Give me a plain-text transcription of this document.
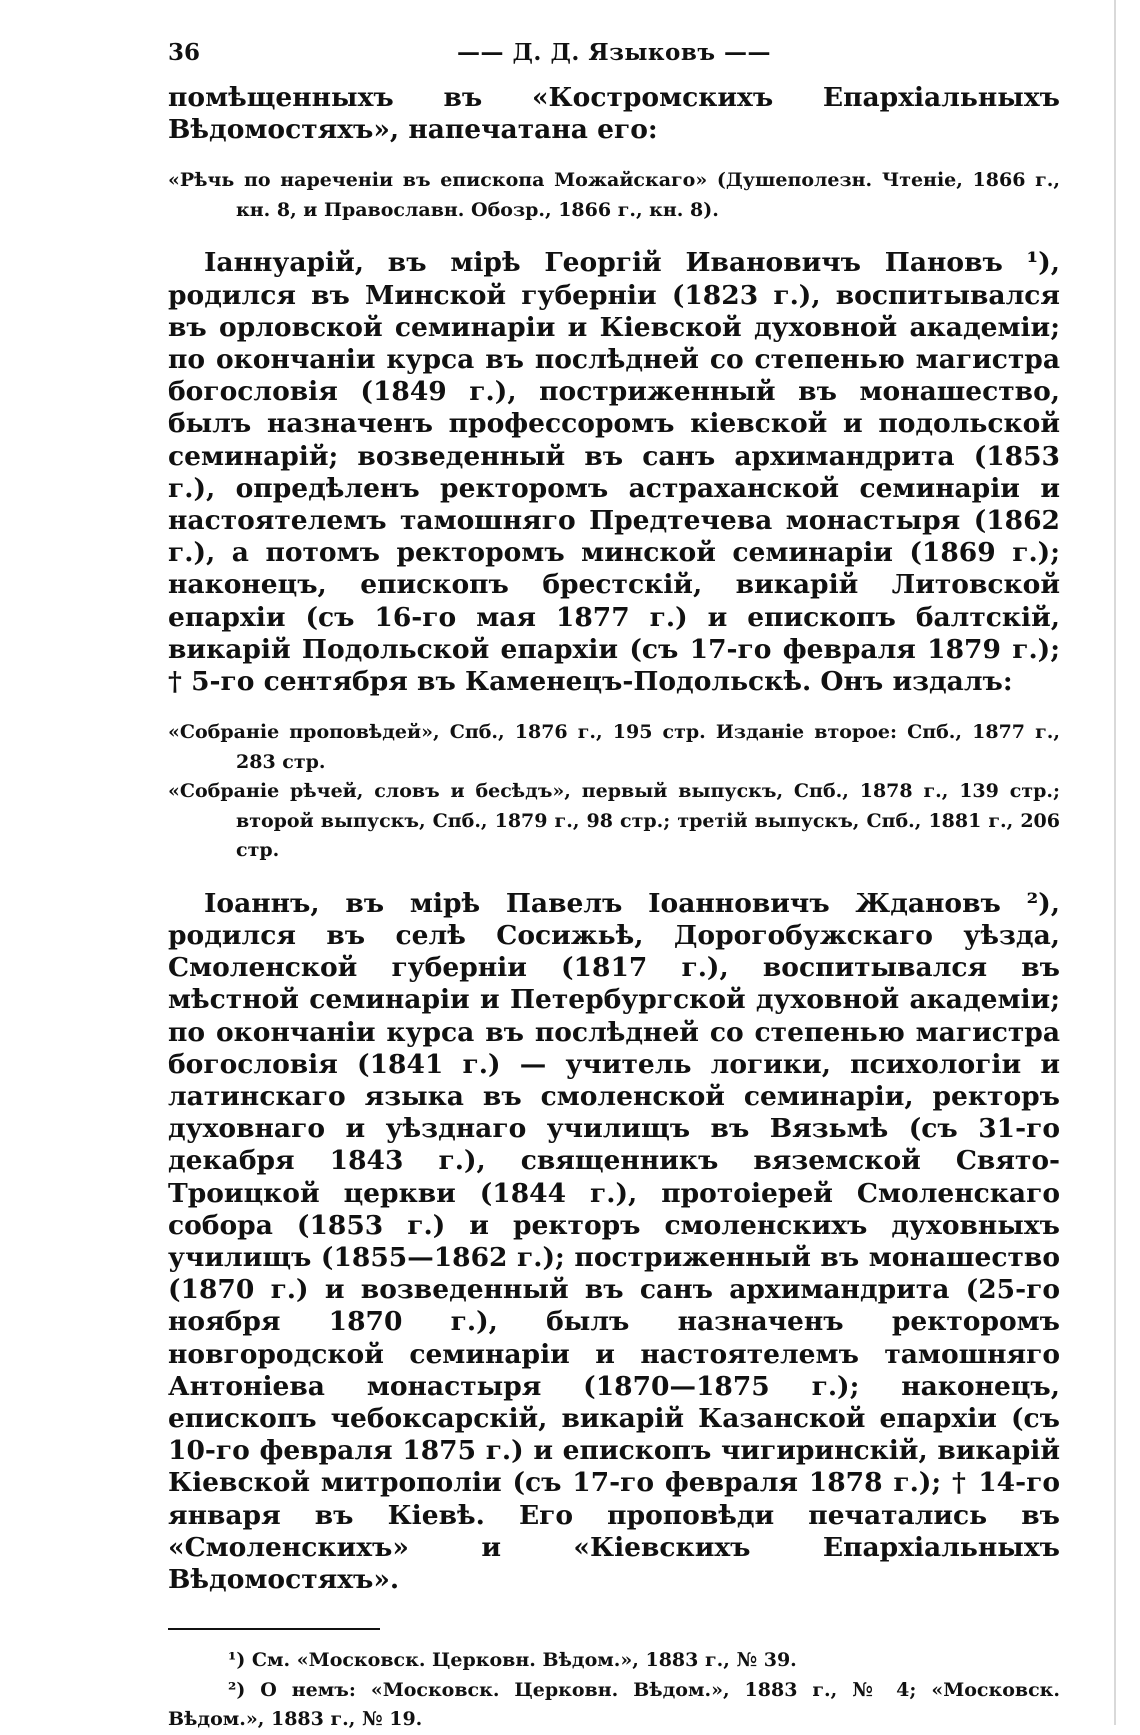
36	—— Д. Д. Языковъ ——

помѣщенныхъ въ «Костромскихъ Епархiальныхъ Вѣдомостяхъ», напечатана его:

«Рѣчь по нареченiи въ епископа Можайскаго» (Душеполезн. Чтенiе, 1866 г., кн. 8, и Православн. Обозр., 1866 г., кн. 8).

Iаннуарiй, въ мiрѣ Георгiй Ивановичъ Пановъ ¹), родился въ Минской губернiи (1823 г.), воспитывался въ орловской семинарiи и Кiевской духовной академiи; по окончанiи курса въ послѣдней со степенью магистра богословiя (1849 г.), постриженный въ монашество, былъ назначенъ профессоромъ кiевской и подольской семинарiй; возведенный въ санъ архимандрита (1853 г.), опредѣленъ ректоромъ астраханской семинарiи и настоятелемъ тамошняго Предтечева монастыря (1862 г.), а потомъ ректоромъ минской семинарiи (1869 г.); наконецъ, епископъ брестскiй, викарiй Литовской епархiи (съ 16-го мая 1877 г.) и епископъ балтскiй, викарiй Подольской епархiи (съ 17-го февраля 1879 г.); † 5-го сентября въ Каменецъ-Подольскѣ. Онъ издалъ:

«Собранiе проповѣдей», Спб., 1876 г., 195 стр. Изданiе второе: Спб., 1877 г., 283 стр.

«Собранiе рѣчей, словъ и бесѣдъ», первый выпускъ, Спб., 1878 г., 139 стр.; второй выпускъ, Спб., 1879 г., 98 стр.; третiй выпускъ, Спб., 1881 г., 206 стр.

Iоаннъ, въ мiрѣ Павелъ Iоанновичъ Ждановъ ²), родился въ селѣ Сосижьѣ, Дорогобужскаго уѣзда, Смоленской губернiи (1817 г.), воспитывался въ мѣстной семинарiи и Петербургской духовной академiи; по окончанiи курса въ послѣдней со степенью магистра богословiя (1841 г.) — учитель логики, психологiи и латинскаго языка въ смоленской семинарiи, ректоръ духовнаго и уѣзднаго училищъ въ Вязьмѣ (съ 31-го декабря 1843 г.), священникъ вяземской Свято-Троицкой церкви (1844 г.), протоiерей Смоленскаго собора (1853 г.) и ректоръ смоленскихъ духовныхъ училищъ (1855—1862 г.); постриженный въ монашество (1870 г.) и возведенный въ санъ архимандрита (25-го ноября 1870 г.), былъ назначенъ ректоромъ новгородской семинарiи и настоятелемъ тамошняго Антонiева монастыря (1870—1875 г.); наконецъ, епископъ чебоксарскiй, викарiй Казанской епархiи (съ 10-го февраля 1875 г.) и епископъ чигиринскiй, викарiй Кiевской митрополiи (съ 17-го февраля 1878 г.); † 14-го января въ Кiевѣ. Его проповѣди печатались въ «Смоленскихъ» и «Кiевскихъ Епархiальныхъ Вѣдомостяхъ».

¹) См. «Московск. Церковн. Вѣдом.», 1883 г., № 39.

²) О немъ: «Московск. Церковн. Вѣдом.», 1883 г., № 4; «Московск. Вѣдом.», 1883 г., № 19.
